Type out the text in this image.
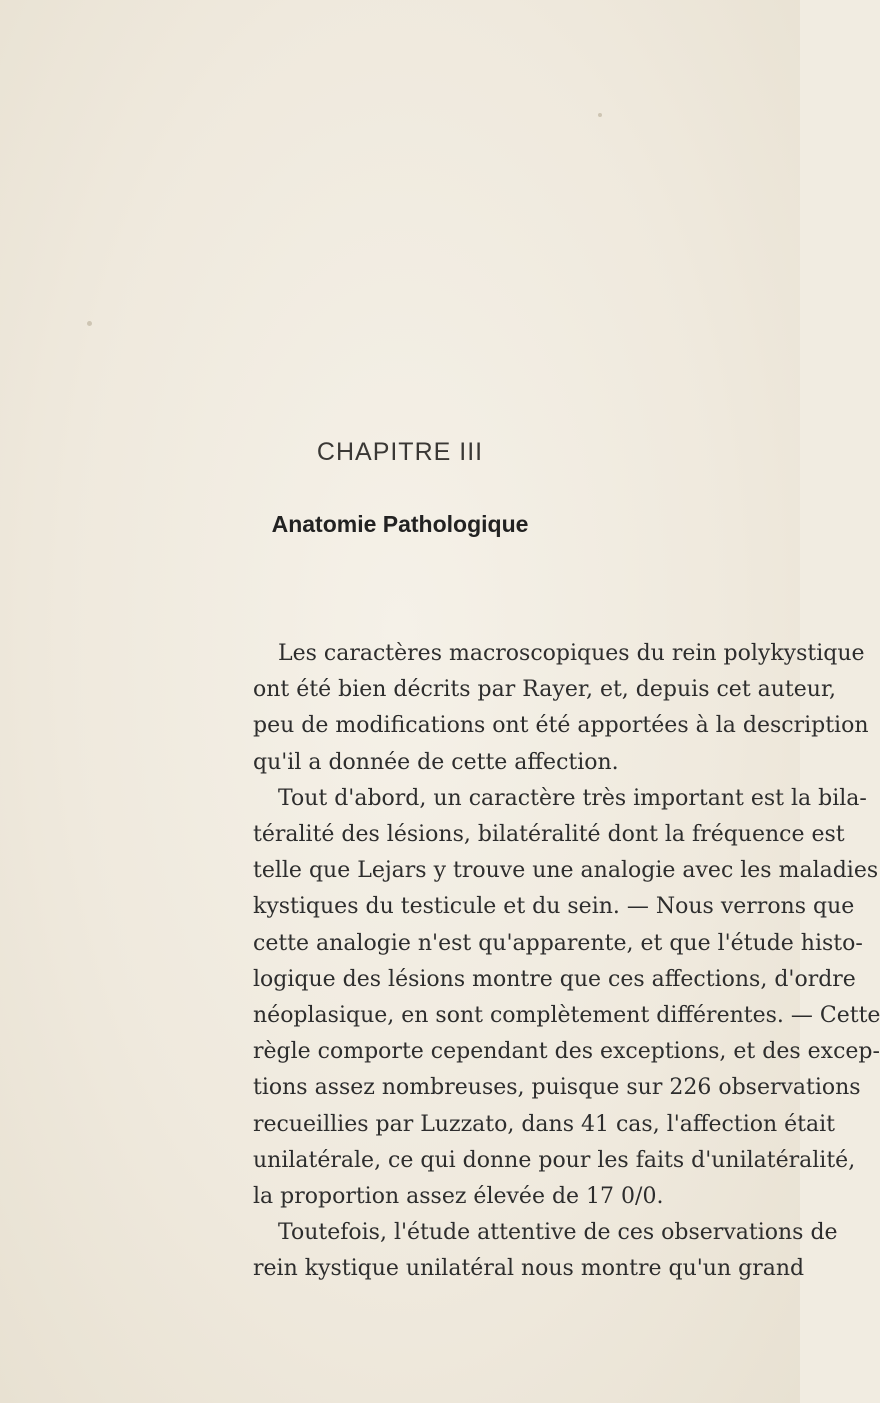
CHAPITRE III
Anatomie Pathologique
Les caractères macroscopiques du rein polykystique
ont été bien décrits par Rayer, et, depuis cet auteur,
peu de modifications ont été apportées à la description
qu'il a donnée de cette affection.
Tout d'abord, un caractère très important est la bila-
téralité des lésions, bilatéralité dont la fréquence est
telle que Lejars y trouve une analogie avec les maladies
kystiques du testicule et du sein. — Nous verrons que
cette analogie n'est qu'apparente, et que l'étude histo-
logique des lésions montre que ces affections, d'ordre
néoplasique, en sont complètement différentes. — Cette
règle comporte cependant des exceptions, et des excep-
tions assez nombreuses, puisque sur 226 observations
recueillies par Luzzato, dans 41 cas, l'affection était
unilatérale, ce qui donne pour les faits d'unilatéralité,
la proportion assez élevée de 17 0/0.
Toutefois, l'étude attentive de ces observations de
rein kystique unilatéral nous montre qu'un grand
